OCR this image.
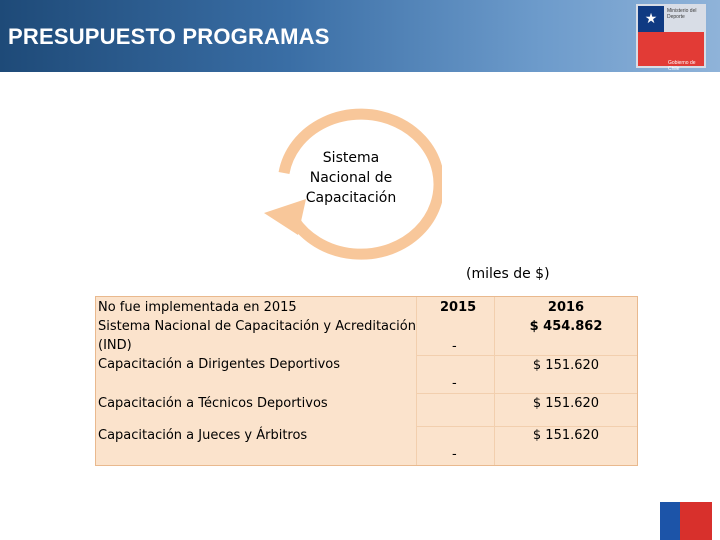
PRESUPUESTO PROGRAMAS
★	Ministerio del Deporte
Gobierno de Chile
Sistema
Nacional de
Capacitación
(miles de $)
No fue implementada en 2015
Sistema Nacional de Capacitación y Acreditación
(IND)
Capacitación a Dirigentes Deportivos
Capacitación a Técnicos Deportivos
Capacitación a Jueces y Árbitros
2015	2016
-
-
-
$ 454.862
$ 151.620
$ 151.620
$ 151.620
